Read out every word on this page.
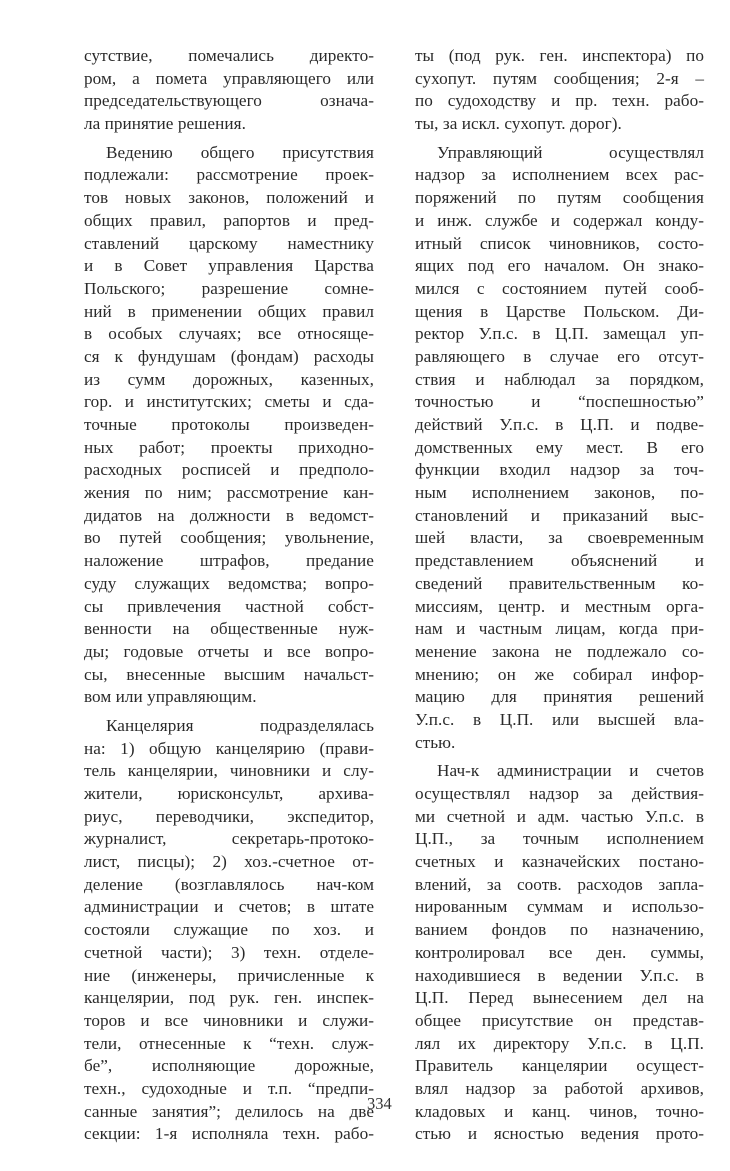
сутствие, помечались директо-
ром, а помета управляющего или
председательствующего означа-
ла принятие решения.
Ведению общего присутствия
подлежали: рассмотрение проек-
тов новых законов, положений и
общих правил, рапортов и пред-
ставлений царскому наместнику
и в Совет управления Царства
Польского; разрешение сомне-
ний в применении общих правил
в особых случаях; все относяще-
ся к фундушам (фондам) расходы
из сумм дорожных, казенных,
гор. и институтских; сметы и сда-
точные протоколы произведен-
ных работ; проекты приходно-
расходных росписей и предполо-
жения по ним; рассмотрение кан-
дидатов на должности в ведомст-
во путей сообщения; увольнение,
наложение штрафов, предание
суду служащих ведомства; вопро-
сы привлечения частной собст-
венности на общественные нуж-
ды; годовые отчеты и все вопро-
сы, внесенные высшим начальст-
вом или управляющим.
Канцелярия подразделялась
на: 1) общую канцелярию (прави-
тель канцелярии, чиновники и слу-
жители, юрисконсульт, архива-
риус, переводчики, экспедитор,
журналист, секретарь-протоко-
лист, писцы); 2) хоз.-счетное от-
деление (возглавлялось нач-ком
администрации и счетов; в штате
состояли служащие по хоз. и
счетной части); 3) техн. отделе-
ние (инженеры, причисленные к
канцелярии, под рук. ген. инспек-
торов и все чиновники и служи-
тели, отнесенные к “техн. служ-
бе”, исполняющие дорожные,
техн., судоходные и т.п. “предпи-
санные занятия”; делилось на две
секции: 1-я исполняла техн. рабо-
ты (под рук. ген. инспектора) по
сухопут. путям сообщения; 2-я –
по судоходству и пр. техн. рабо-
ты, за искл. сухопут. дорог).
Управляющий осуществлял
надзор за исполнением всех рас-
поряжений по путям сообщения
и инж. службе и содержал конду-
итный список чиновников, состо-
ящих под его началом. Он знако-
мился с состоянием путей сооб-
щения в Царстве Польском. Ди-
ректор У.п.с. в Ц.П. замещал уп-
равляющего в случае его отсут-
ствия и наблюдал за порядком,
точностью и “поспешностью”
действий У.п.с. в Ц.П. и подве-
домственных ему мест. В его
функции входил надзор за точ-
ным исполнением законов, по-
становлений и приказаний выс-
шей власти, за своевременным
представлением объяснений и
сведений правительственным ко-
миссиям, центр. и местным орга-
нам и частным лицам, когда при-
менение закона не подлежало со-
мнению; он же собирал инфор-
мацию для принятия решений
У.п.с. в Ц.П. или высшей вла-
стью.
Нач-к администрации и счетов
осуществлял надзор за действия-
ми счетной и адм. частью У.п.с. в
Ц.П., за точным исполнением
счетных и казначейских постано-
влений, за соотв. расходов запла-
нированным суммам и использо-
ванием фондов по назначению,
контролировал все ден. суммы,
находившиеся в ведении У.п.с. в
Ц.П. Перед вынесением дел на
общее присутствие он представ-
лял их директору У.п.с. в Ц.П.
Правитель канцелярии осущест-
влял надзор за работой архивов,
кладовых и канц. чинов, точно-
стью и ясностью ведения прото-
334
